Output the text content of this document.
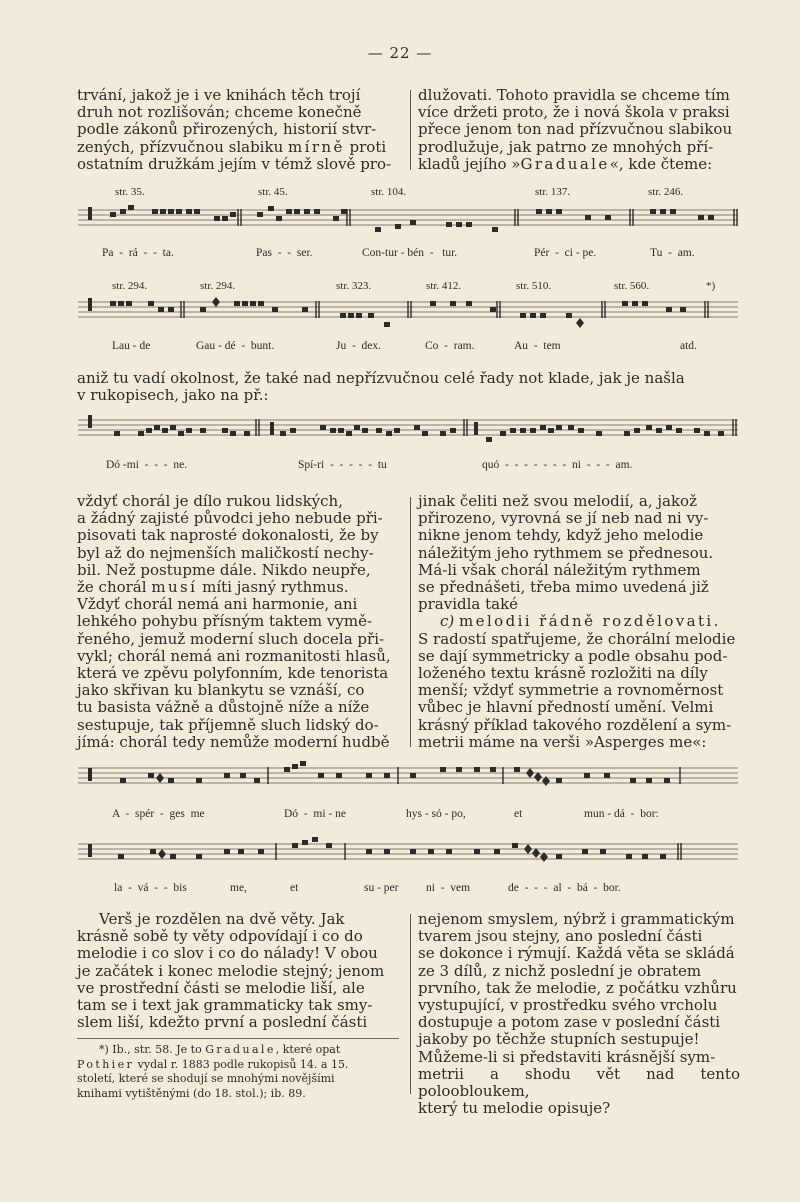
— 22 —

trvání, jakož je i ve knihách těch trojí

druh not rozlišován; chceme konečně

podle zákonů přirozených, historií stvr-

zených, přízvučnou slabiku mírně proti

ostatním družkám jejím v témž slově pro-

dlužovati. Tohoto pravidla se chceme tím

více držeti proto, že i nová škola v praksi

přece jenom ton nad přízvučnou slabikou

prodlužuje, jak patrno ze mnohých pří-

kladů jejího »Graduale«, kde čteme:

str. 35.	str. 45.	str. 104.	str. 137.	str. 246.
Pa  -  rá  -  -  ta.	Pas  -  -  ser.	Con-tur - bén  -   tur.	Pér  -  ci - pe.	Tu  -  am.
str. 294.	str. 294.	str. 323.	str. 412.	str. 510.	str. 560.	*)
Lau - de	Gau - dé  -  bunt.	Ju  -  dex.	Co  -  ram.	Au  -  tem	atd.

aniž tu vadí okolnost, že také nad nepřízvučnou celé řady not klade, jak je našla

v rukopisech, jako na př.:

Dó -mi  -  -  -  ne.	Spí-ri  -  -  -  -  -  tu	quó  -  -  -  -  -  -  -  ni  -  -  -  am.

vždyť chorál je dílo rukou lidských,

a žádný zajisté původci jeho nebude při-

pisovati tak naprosté dokonalosti, že by

byl až do nejmenších maličkostí nechy-

bil. Než postupme dále. Nikdo neupře,

že chorál musí míti jasný rythmus.

Vždyť chorál nemá ani harmonie, ani

lehkého pohybu přísným taktem vymě-

řeného, jemuž moderní sluch docela při-

vykl; chorál nemá ani rozmanitosti hlasů,

která ve zpěvu polyfonním, kde tenorista

jako skřivan ku blankytu se vznáší, co

tu basista vážně a důstojně níže a níže

sestupuje, tak příjemně sluch lidský do-

jímá: chorál tedy nemůže moderní hudbě

jinak čeliti než svou melodií, a, jakož

přirozeno, vyrovná se jí neb nad ni vy-

nikne jenom tehdy, když jeho melodie

náležitým jeho rythmem se přednesou.

Má-li však chorál náležitým rythmem

se přednášeti, třeba mimo uvedená již

pravidla také

c) melodii řádně rozdělovati.

S radostí spatřujeme, že chorální melodie

se dají symmetricky a podle obsahu pod-

loženého textu krásně rozložiti na díly

menší; vždyť symmetrie a rovnoměrnost

vůbec je hlavní předností umění. Velmi

krásný příklad takového rozdělení a sym-

metrii máme na verši »Asperges me«:

A  -  spér  -  ges  me	Dó  -  mi - ne	hys - só - po,	et	mun - dá  -  bor:
la  -  vá  -  -  bis	me,	et	su - per ni  -  vem	de  -  -  -  al  -  bá  -  bor.

Verš je rozdělen na dvě věty. Jak

krásně sobě ty věty odpovídají i co do

melodie i co slov i co do nálady! V obou

je začátek i konec melodie stejný; jenom

ve prostřední části se melodie liší, ale

tam se i text jak grammaticky tak smy-

slem liší, kdežto první a poslední části

*) Ib., str. 58. Je to Graduale, které opat
Pothier vydal r. 1883 podle rukopisů 14. a 15.
století, které se shodují se mnohými novějšími
knihami vytištěnými (do 18. stol.); ib. 89.

nejenom smyslem, nýbrž i grammatickým

tvarem jsou stejny, ano poslední části

se dokonce i rýmují. Každá věta se skládá

ze 3 dílů, z nichž poslední je obratem

prvního, tak že melodie, z počátku vzhůru

vystupující, v prostředku svého vrcholu

dostupuje a potom zase v poslední části

jakoby po těchže stupních sestupuje!

Můžeme-li si představiti krásnější sym-

metrii a shodu vět nad tento poloobloukem,

který tu melodie opisuje?
